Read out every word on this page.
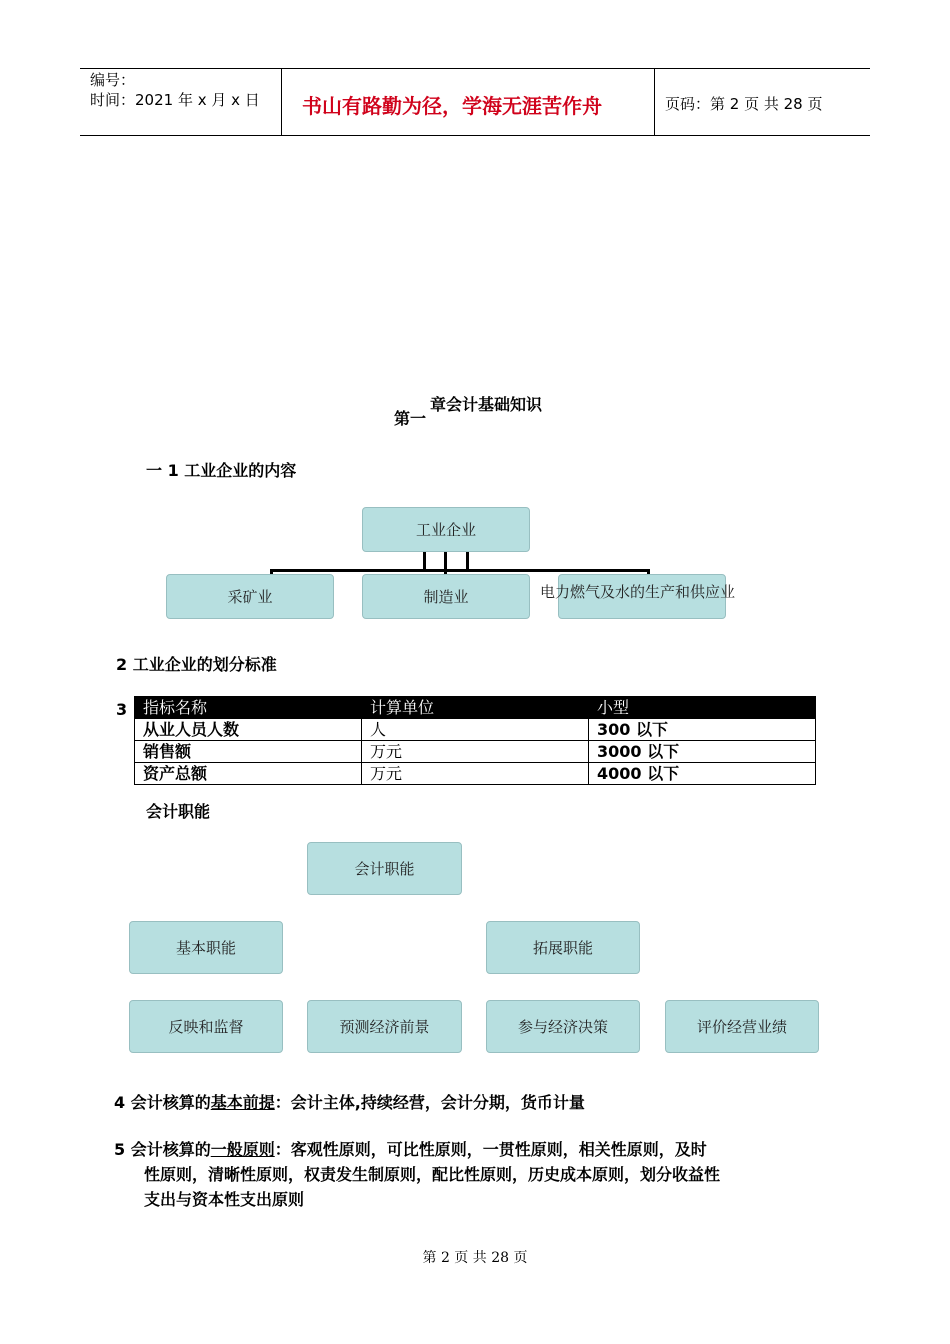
编号：
时间：2021 年 x 月 x 日 书山有路勤为径，学海无涯苦作舟	页码：第 2 页 共 28 页
章会计基础知识
第一
一 1 工业企业的内容
工业企业
采矿业	制造业	电力燃气及水的生产和供应业
2 工业企业的划分标准
3 指标名称	计算单位	小型
从业人员人数	人	300 以下
销售额	万元	3000 以下
资产总额	万元	4000 以下
会计职能
会计职能
基本职能	拓展职能
反映和监督	预测经济前景	参与经济决策	评价经营业绩
4 会计核算的基本前提：会计主体,持续经营，会计分期，货币计量
5 会计核算的一般原则：客观性原则，可比性原则，一贯性原则，相关性原则，及时
性原则，清晰性原则，权责发生制原则，配比性原则，历史成本原则，划分收益性
支出与资本性支出原则
第 2 页 共 28 页
